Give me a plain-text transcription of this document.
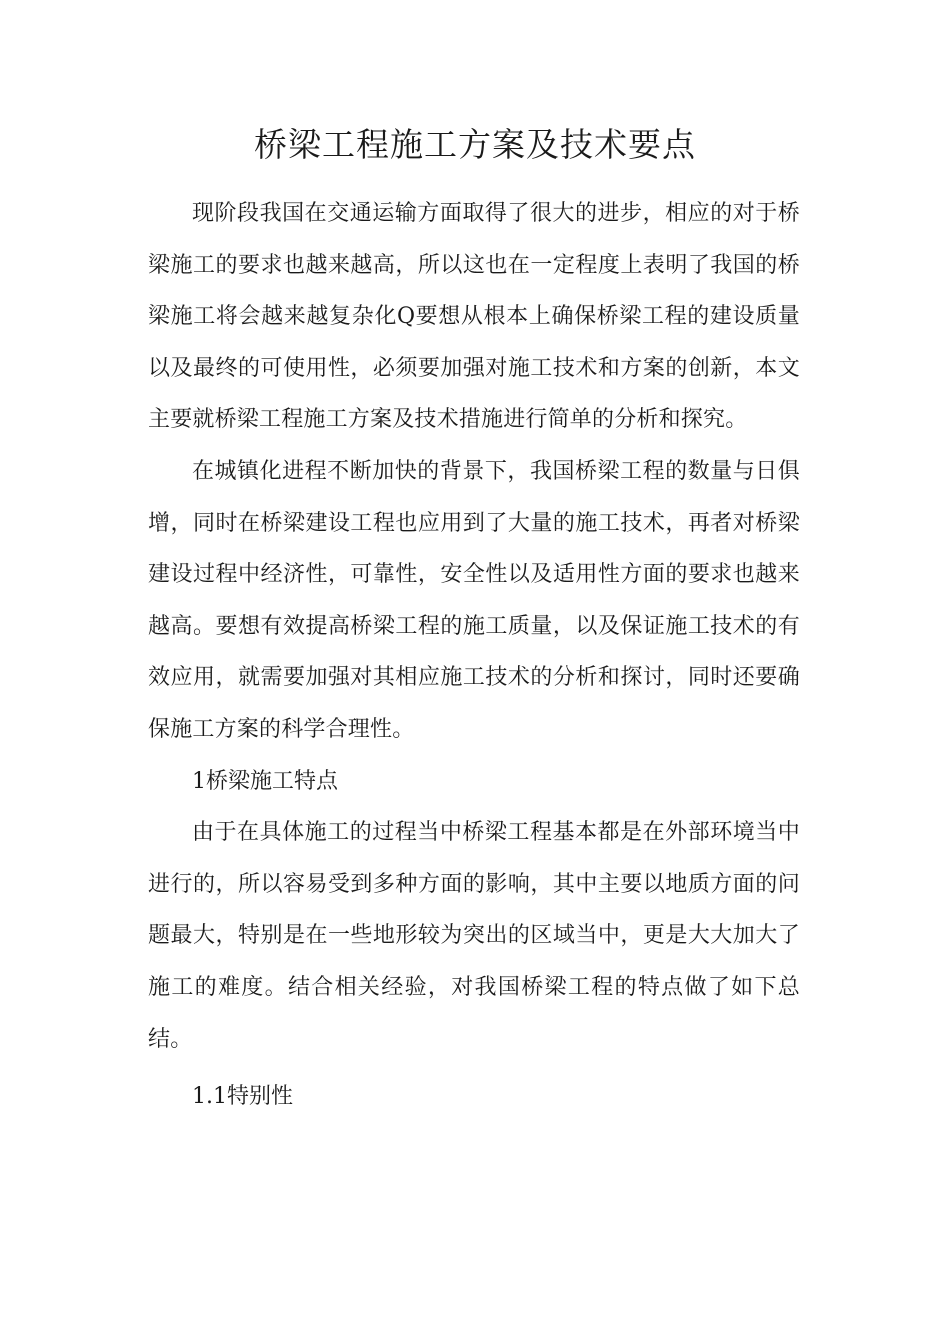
桥梁工程施工方案及技术要点

现阶段我国在交通运输方面取得了很大的进步，相应的对于桥梁施工的要求也越来越高，所以这也在一定程度上表明了我国的桥梁施工将会越来越复杂化Q要想从根本上确保桥梁工程的建设质量以及最终的可使用性，必须要加强对施工技术和方案的创新，本文主要就桥梁工程施工方案及技术措施进行简单的分析和探究。

在城镇化进程不断加快的背景下，我国桥梁工程的数量与日俱增，同时在桥梁建设工程也应用到了大量的施工技术，再者对桥梁建设过程中经济性，可靠性，安全性以及适用性方面的要求也越来越高。要想有效提高桥梁工程的施工质量，以及保证施工技术的有效应用，就需要加强对其相应施工技术的分析和探讨，同时还要确保施工方案的科学合理性。

1桥梁施工特点

由于在具体施工的过程当中桥梁工程基本都是在外部环境当中进行的，所以容易受到多种方面的影响，其中主要以地质方面的问题最大，特别是在一些地形较为突出的区域当中，更是大大加大了施工的难度。结合相关经验，对我国桥梁工程的特点做了如下总结。

1.1特别性
